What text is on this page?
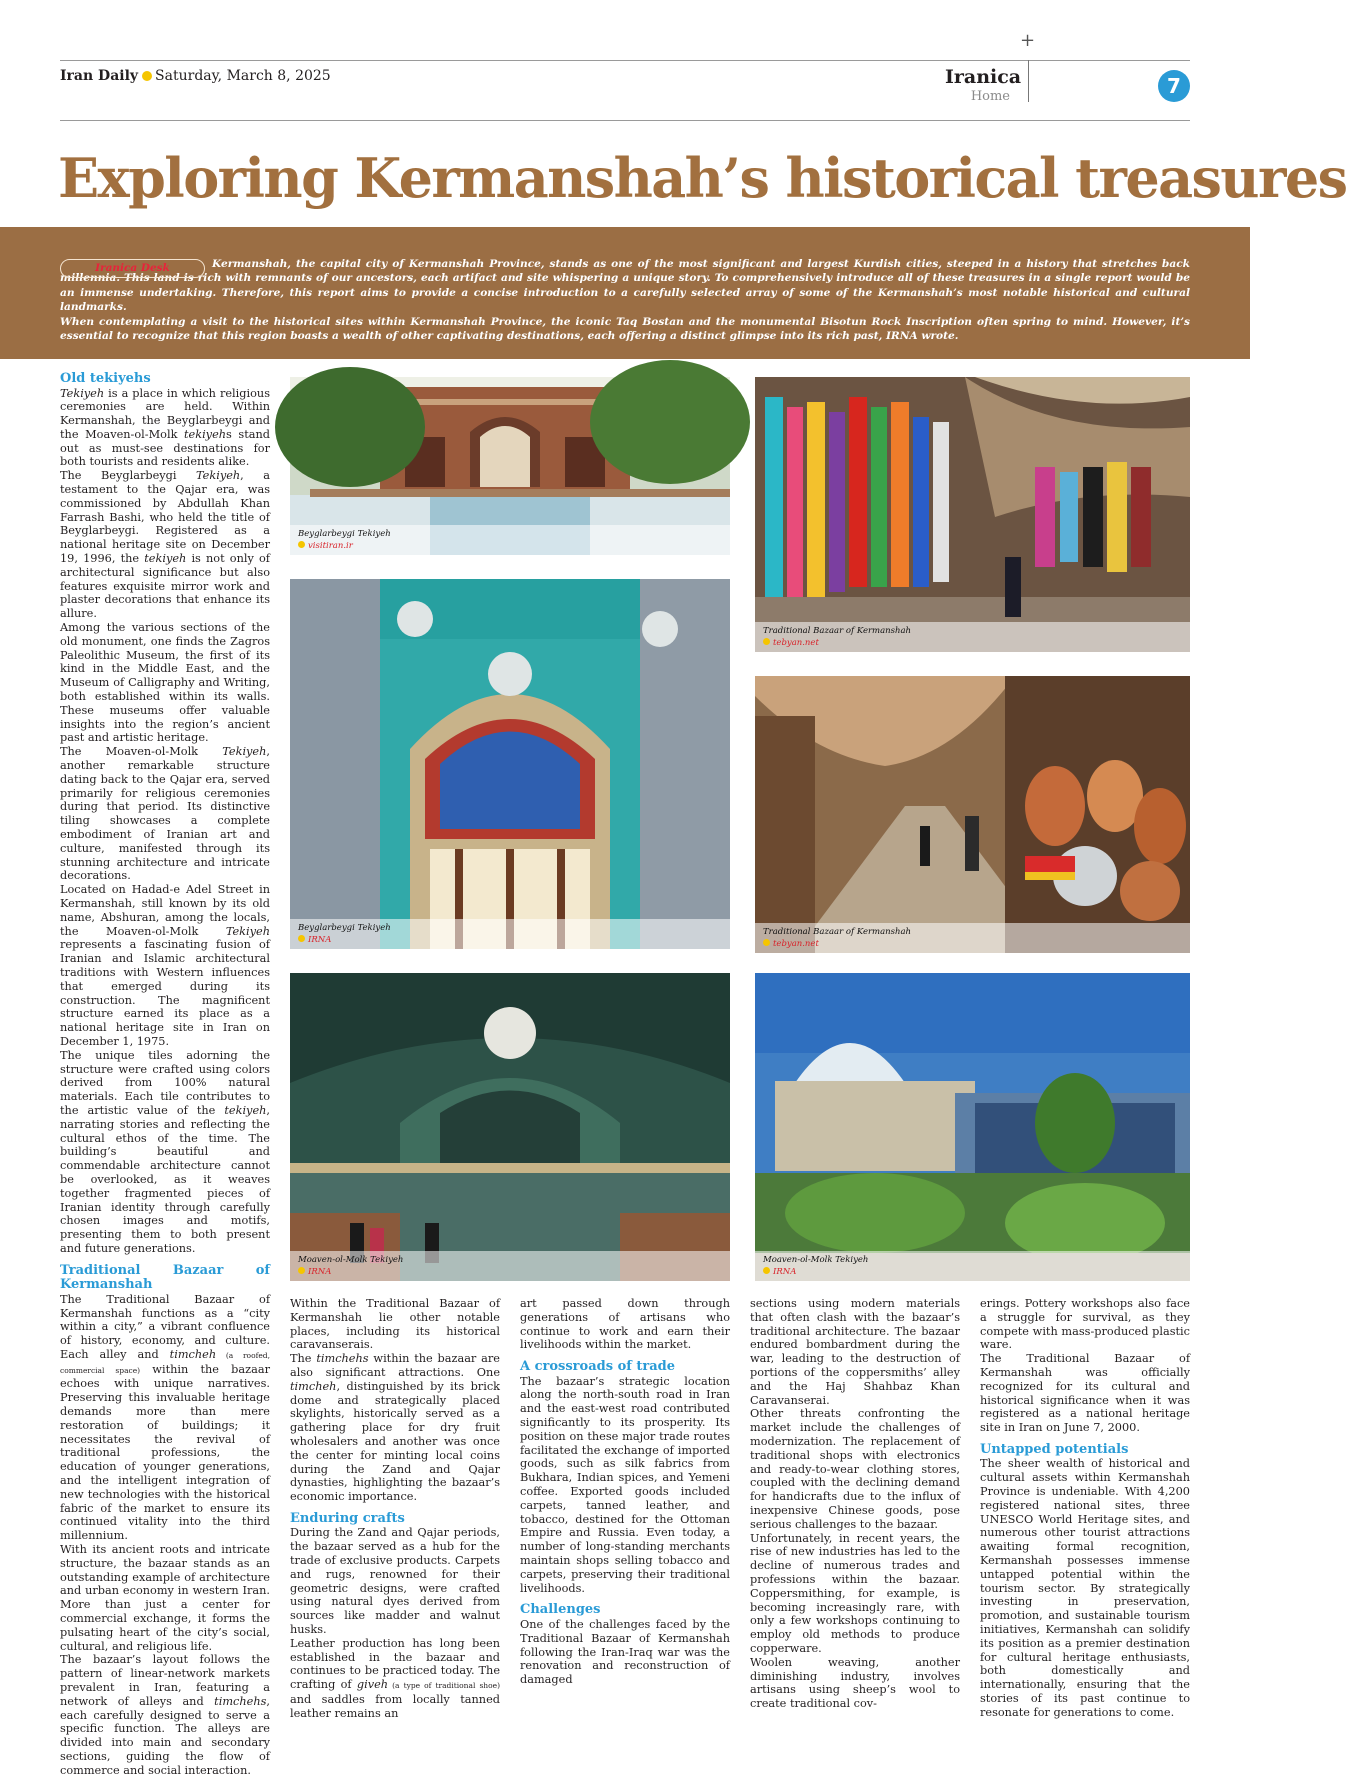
Iran Daily Saturday, March 8, 2025
+
Iranica
Home	7
Exploring Kermanshah’s historical treasures

Kermanshah, the capital city of Kermanshah Province, stands as one of the most significant and largest Kurdish cities, steeped in a history that stretches back millennia. This land is rich with remnants of our ancestors, each artifact and site whispering a unique story. To comprehensively introduce all of these treasures in a single report would be an immense undertaking. Therefore, this report aims to provide a concise introduction to a carefully selected array of some of the Kermanshah’s most notable historical and cultural landmarks.

When contemplating a visit to the historical sites within Kermanshah Province, the iconic Taq Bostan and the monumental Bisotun Rock Inscription often spring to mind. However, it’s essential to recognize that this region boasts a wealth of other captivating destinations, each offering a distinct glimpse into its rich past, IRNA wrote.

Iranica Desk
Old tekiyehs

Tekiyeh is a place in which religious ceremonies are held. Within Kermanshah, the Beyglarbeygi and the Moaven-ol-Molk tekiyehs stand out as must-see destinations for both tourists and residents alike.

The Beyglarbeygi Tekiyeh, a testament to the Qajar era, was commissioned by Abdullah Khan Farrash Bashi, who held the title of Beyglarbeygi. Registered as a national heritage site on December 19, 1996, the tekiyeh is not only of architectural significance but also features exquisite mirror work and plaster decorations that enhance its allure.

Among the various sections of the old monument, one finds the Zagros Paleolithic Museum, the first of its kind in the Middle East, and the Museum of Calligraphy and Writing, both established within its walls. These museums offer valuable insights into the region’s ancient past and artistic heritage.

The Moaven-ol-Molk Tekiyeh, another remarkable structure dating back to the Qajar era, served primarily for religious ceremonies during that period. Its distinctive tiling showcases a complete embodiment of Iranian art and culture, manifested through its stunning architecture and intricate decorations.

Located on Hadad-e Adel Street in Kermanshah, still known by its old name, Abshuran, among the locals, the Moaven-ol-Molk Tekiyeh represents a fascinating fusion of Iranian and Islamic architectural traditions with Western influences that emerged during its construction. The magnificent structure earned its place as a national heritage site in Iran on December 1, 1975.

The unique tiles adorning the structure were crafted using colors derived from 100% natural materials. Each tile contributes to the artistic value of the tekiyeh, narrating stories and reflecting the cultural ethos of the time. The building’s beautiful and commendable architecture cannot be overlooked, as it weaves together fragmented pieces of Iranian identity through carefully chosen images and motifs, presenting them to both present and future generations.

Traditional Bazaar of Kermanshah

The Traditional Bazaar of Kermanshah functions as a “city within a city,” a vibrant confluence of history, economy, and culture. Each alley and timcheh (a roofed, commercial space) within the bazaar echoes with unique narratives. Preserving this invaluable heritage demands more than mere restoration of buildings; it necessitates the revival of traditional professions, the education of younger generations, and the intelligent integration of new technologies with the historical fabric of the market to ensure its continued vitality into the third millennium.

With its ancient roots and intricate structure, the bazaar stands as an outstanding example of architecture and urban economy in western Iran. More than just a center for commercial exchange, it forms the pulsating heart of the city’s social, cultural, and religious life.

The bazaar’s layout follows the pattern of linear-network markets prevalent in Iran, featuring a network of alleys and timchehs, each carefully designed to serve a specific function. The alleys are divided into main and secondary sections, guiding the flow of commerce and social interaction.

Beyglarbeygi Tekiyeh
visitiran.ir
Beyglarbeygi Tekiyeh
IRNA
Moaven-ol-Molk Tekiyeh
IRNA
Traditional Bazaar of Kermanshah
tebyan.net
Traditional Bazaar of Kermanshah
tebyan.net
Moaven-ol-Molk Tekiyeh
IRNA

Within the Traditional Bazaar of Kermanshah lie other notable places, including its historical caravanserais.

The timchehs within the bazaar are also significant attractions. One timcheh, distinguished by its brick dome and strategically placed skylights, historically served as a gathering place for dry fruit wholesalers and another was once the center for minting local coins during the Zand and Qajar dynasties, highlighting the bazaar’s economic importance.

Enduring crafts

During the Zand and Qajar periods, the bazaar served as a hub for the trade of exclusive products. Carpets and rugs, renowned for their geometric designs, were crafted using natural dyes derived from sources like madder and walnut husks.

Leather production has long been established in the bazaar and continues to be practiced today. The crafting of giveh (a type of traditional shoe) and saddles from locally tanned leather remains an

art passed down through generations of artisans who continue to work and earn their livelihoods within the market.

A crossroads of trade

The bazaar’s strategic location along the north-south road in Iran and the east-west road contributed significantly to its prosperity. Its position on these major trade routes facilitated the exchange of imported goods, such as silk fabrics from Bukhara, Indian spices, and Yemeni coffee. Exported goods included carpets, tanned leather, and tobacco, destined for the Ottoman Empire and Russia. Even today, a number of long-standing merchants maintain shops selling tobacco and carpets, preserving their traditional livelihoods.

Challenges

One of the challenges faced by the Traditional Bazaar of Kermanshah following the Iran-Iraq war was the renovation and reconstruction of damaged

sections using modern materials that often clash with the bazaar’s traditional architecture. The bazaar endured bombardment during the war, leading to the destruction of portions of the coppersmiths’ alley and the Haj Shahbaz Khan Caravanserai.

Other threats confronting the market include the challenges of modernization. The replacement of traditional shops with electronics and ready-to-wear clothing stores, coupled with the declining demand for handicrafts due to the influx of inexpensive Chinese goods, pose serious challenges to the bazaar.

Unfortunately, in recent years, the rise of new industries has led to the decline of numerous trades and professions within the bazaar. Coppersmithing, for example, is becoming increasingly rare, with only a few workshops continuing to employ old methods to produce copperware.

Woolen weaving, another diminishing industry, involves artisans using sheep’s wool to create traditional cov-

erings. Pottery workshops also face a struggle for survival, as they compete with mass-produced plastic ware.

The Traditional Bazaar of Kermanshah was officially recognized for its cultural and historical significance when it was registered as a national heritage site in Iran on June 7, 2000.

Untapped potentials

The sheer wealth of historical and cultural assets within Kermanshah Province is undeniable. With 4,200 registered national sites, three UNESCO World Heritage sites, and numerous other tourist attractions awaiting formal recognition, Kermanshah possesses immense untapped potential within the tourism sector. By strategically investing in preservation, promotion, and sustainable tourism initiatives, Kermanshah can solidify its position as a premier destination for cultural heritage enthusiasts, both domestically and internationally, ensuring that the stories of its past continue to resonate for generations to come.
